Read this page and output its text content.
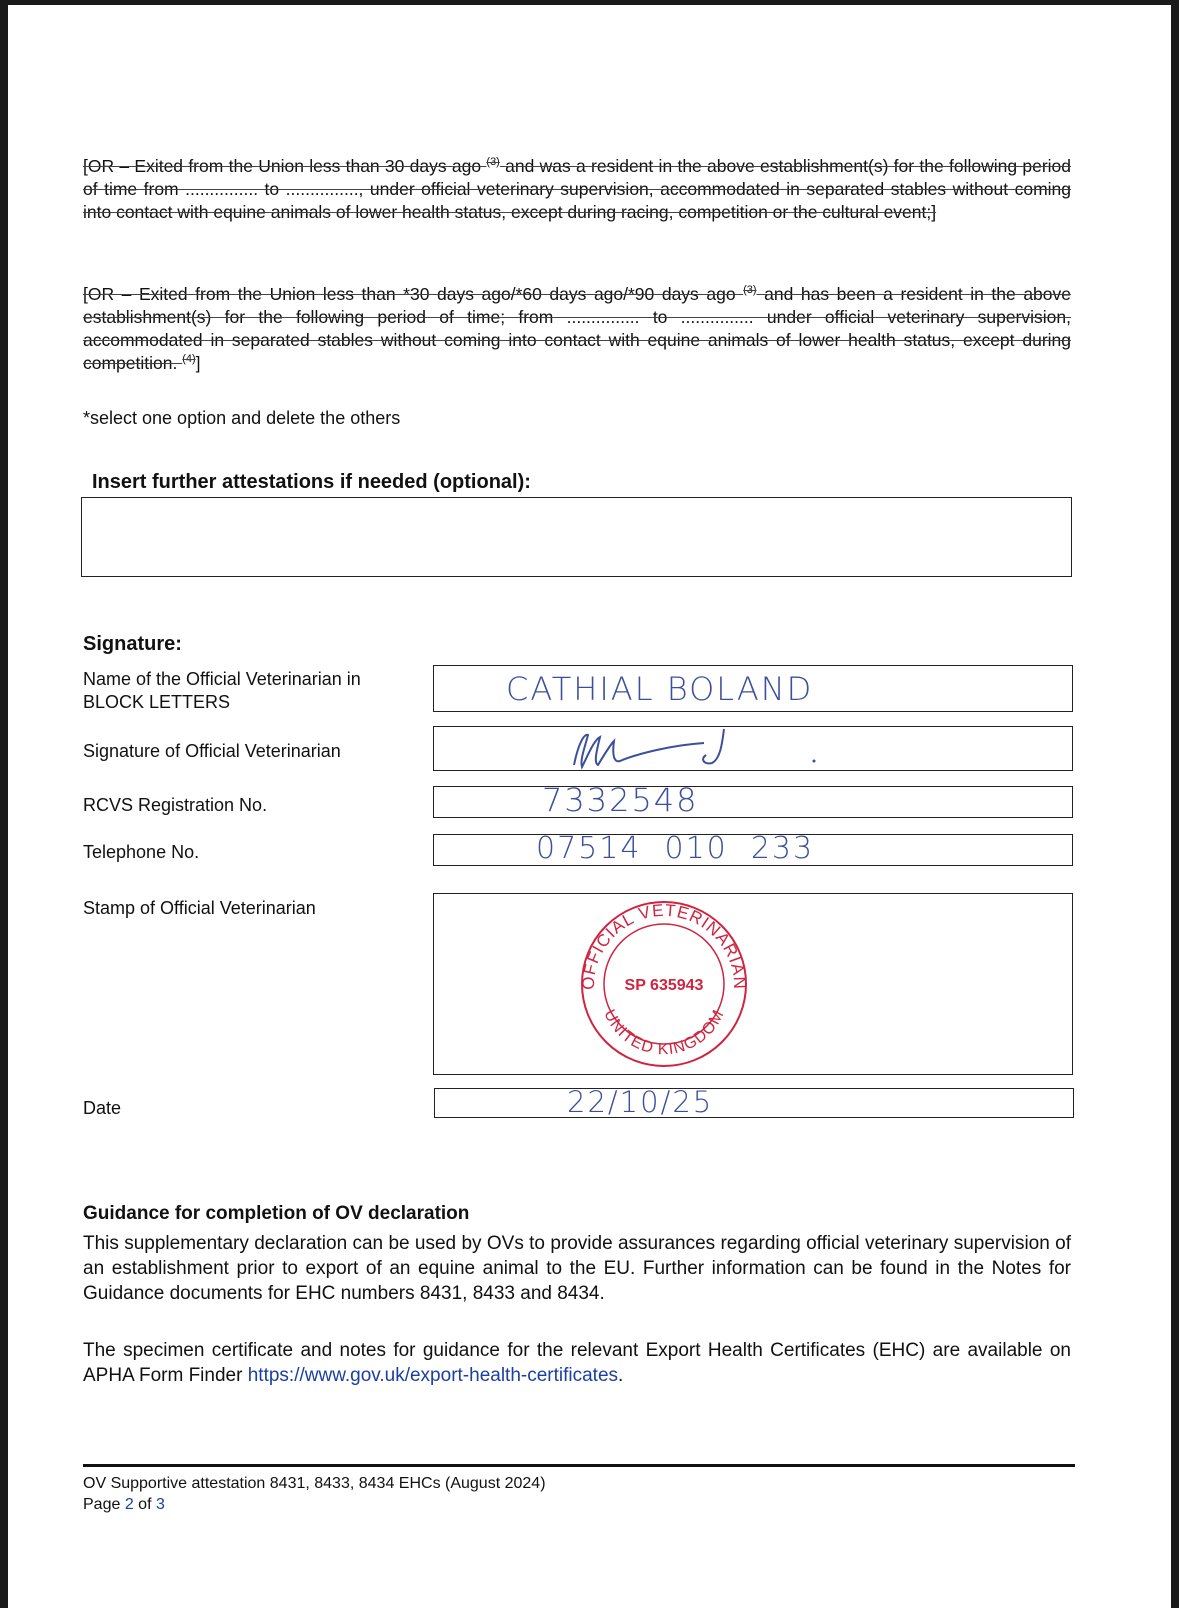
[OR – Exited from the Union less than 30 days ago $^{(3)}$ and was a resident in the above establishment(s) for the following period of time from ............... to ..............., under official veterinary supervision, accommodated in separated stables without coming into contact with equine animals of lower health status, except during racing, competition or the cultural event;]
[OR – Exited from the Union less than *30 days ago/*60 days ago/*90 days ago $^{(3)}$ and has been a resident in the above establishment(s) for the following period of time; from ............... to ............... under official veterinary supervision, accommodated in separated stables without coming into contact with equine animals of lower health status, except during competition. $^{(4)}$]
*select one option and delete the others
Insert further attestations if needed (optional):
Signature:
Name of the Official Veterinarian in BLOCK LETTERS	CATHIAL BOLAND
Signature of Official Veterinarian
RCVS Registration No.	7332548
Telephone No.	07514  010  233
Stamp of Official Veterinarian
OFFICIAL VETERINARIAN
UNITED KINGDOM
SP 635943
Date	22/10/25
Guidance for completion of OV declaration
This supplementary declaration can be used by OVs to provide assurances regarding official veterinary supervision of an establishment prior to export of an equine animal to the EU. Further information can be found in the Notes for Guidance documents for EHC numbers 8431, 8433 and 8434.
The specimen certificate and notes for guidance for the relevant Export Health Certificates (EHC) are available on APHA Form Finder https://www.gov.uk/export-health-certificates.
OV Supportive attestation 8431, 8433, 8434 EHCs (August 2024)
Page 2 of 3
